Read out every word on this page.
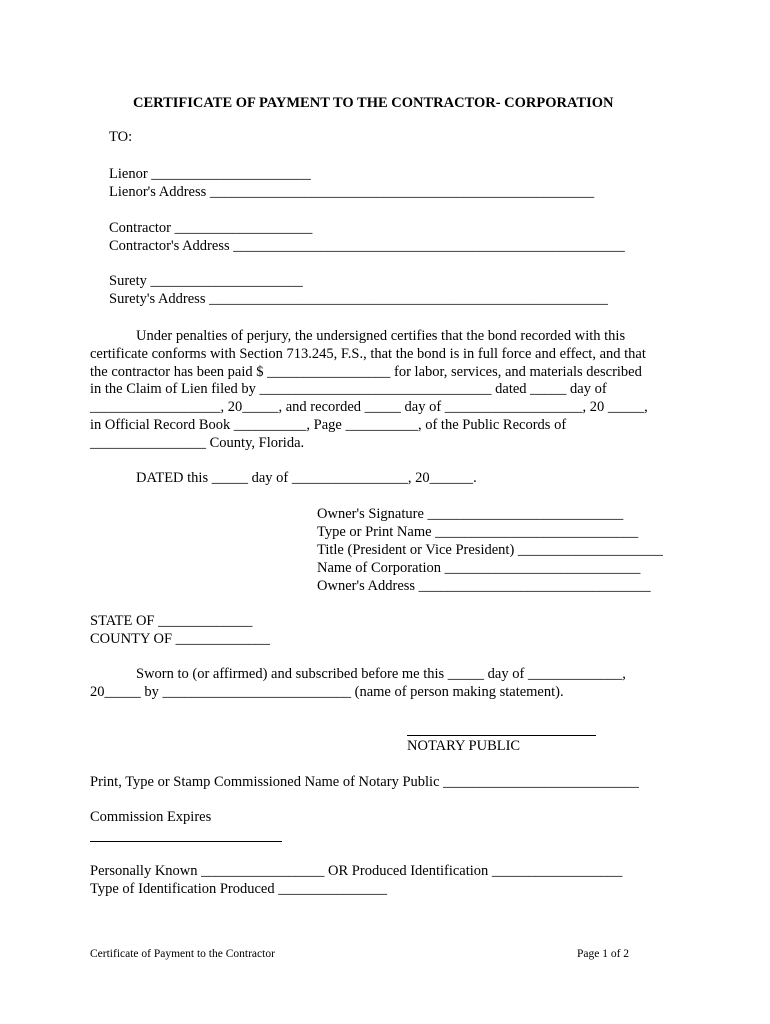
CERTIFICATE OF PAYMENT TO THE CONTRACTOR- CORPORATION
TO:
Lienor ______________________
Lienor's Address _____________________________________________________
Contractor ___________________
Contractor's Address ______________________________________________________
Surety _____________________
Surety's Address _______________________________________________________
Under penalties of perjury, the undersigned certifies that the bond recorded with this
certificate conforms with Section 713.245, F.S., that the bond is in full force and effect, and that
the contractor has been paid $ _________________ for labor, services, and materials described
in the Claim of Lien filed by ________________________________ dated _____ day of
__________________, 20_____, and recorded _____ day of ___________________, 20 _____,
in Official Record Book __________, Page __________, of the Public Records of
________________ County, Florida.
DATED this _____ day of ________________, 20______.
Owner's Signature ___________________________
Type or Print Name ____________________________
Title (President or Vice President) ____________________
Name of Corporation ___________________________
Owner's Address ________________________________
STATE OF _____________
COUNTY OF _____________
Sworn to (or affirmed) and subscribed before me this _____ day of _____________,
20_____ by __________________________ (name of person making statement).
NOTARY PUBLIC
Print, Type or Stamp Commissioned Name of Notary Public ___________________________
Commission Expires
Personally Known _________________ OR Produced Identification __________________
Type of Identification Produced _______________
Certificate of Payment to the Contractor	Page 1 of 2
